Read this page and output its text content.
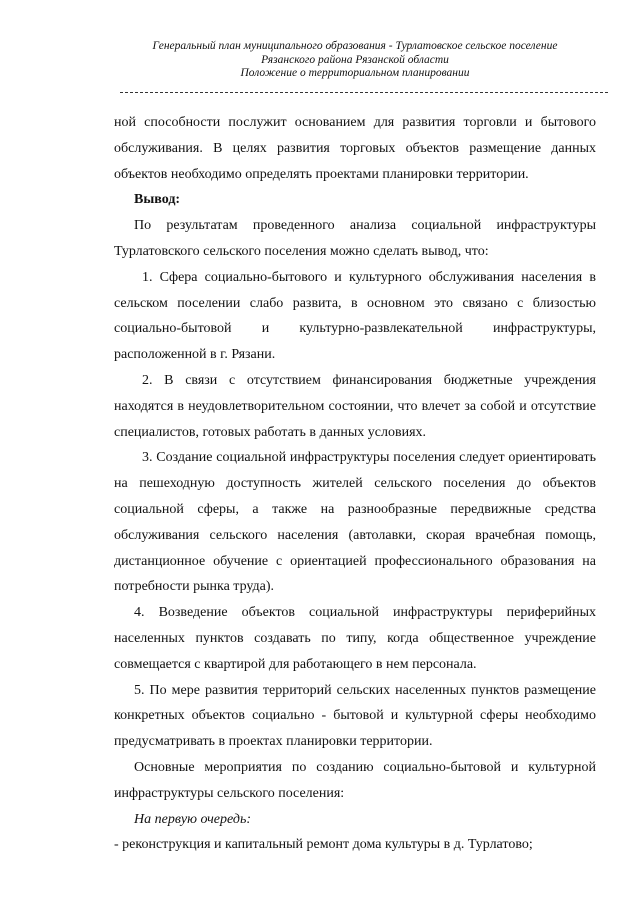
Генеральный план муниципального образования - Турлатовское сельское поселение
Рязанского района Рязанской области
Положение о территориальном планировании

ной способности послужит основанием для развития торговли и бытового обслуживания. В целях развития торговых объектов размещение данных объектов необходимо определять проектами планировки территории.

Вывод:

По результатам проведенного анализа социальной инфраструктуры Турлатовского сельского поселения можно сделать вывод, что:

1. Сфера социально-бытового и культурного обслуживания населения в сельском поселении слабо развита, в основном это связано с близостью социально-бытовой и культурно-развлекательной инфраструктуры, расположенной в г. Рязани.

2. В связи с отсутствием финансирования бюджетные учреждения находятся в неудовлетворительном состоянии, что влечет за собой и отсутствие специалистов, готовых работать в данных условиях.

3. Создание социальной инфраструктуры поселения следует ориентировать на пешеходную доступность жителей сельского поселения до объектов социальной сферы, а также на разнообразные передвижные средства обслуживания сельского населения (автолавки, скорая врачебная помощь, дистанционное обучение с ориентацией профессионального образования на потребности рынка труда).

4. Возведение объектов социальной инфраструктуры периферийных населенных пунктов создавать по типу, когда общественное учреждение совмещается с квартирой для работающего в нем персонала.

5. По мере развития территорий сельских населенных пунктов размещение конкретных объектов социально - бытовой и культурной сферы необходимо предусматривать в проектах планировки территории.

Основные мероприятия по созданию социально-бытовой и культурной инфраструктуры сельского поселения:

На первую очередь:

- реконструкция и капитальный ремонт дома культуры в д. Турлатово;
